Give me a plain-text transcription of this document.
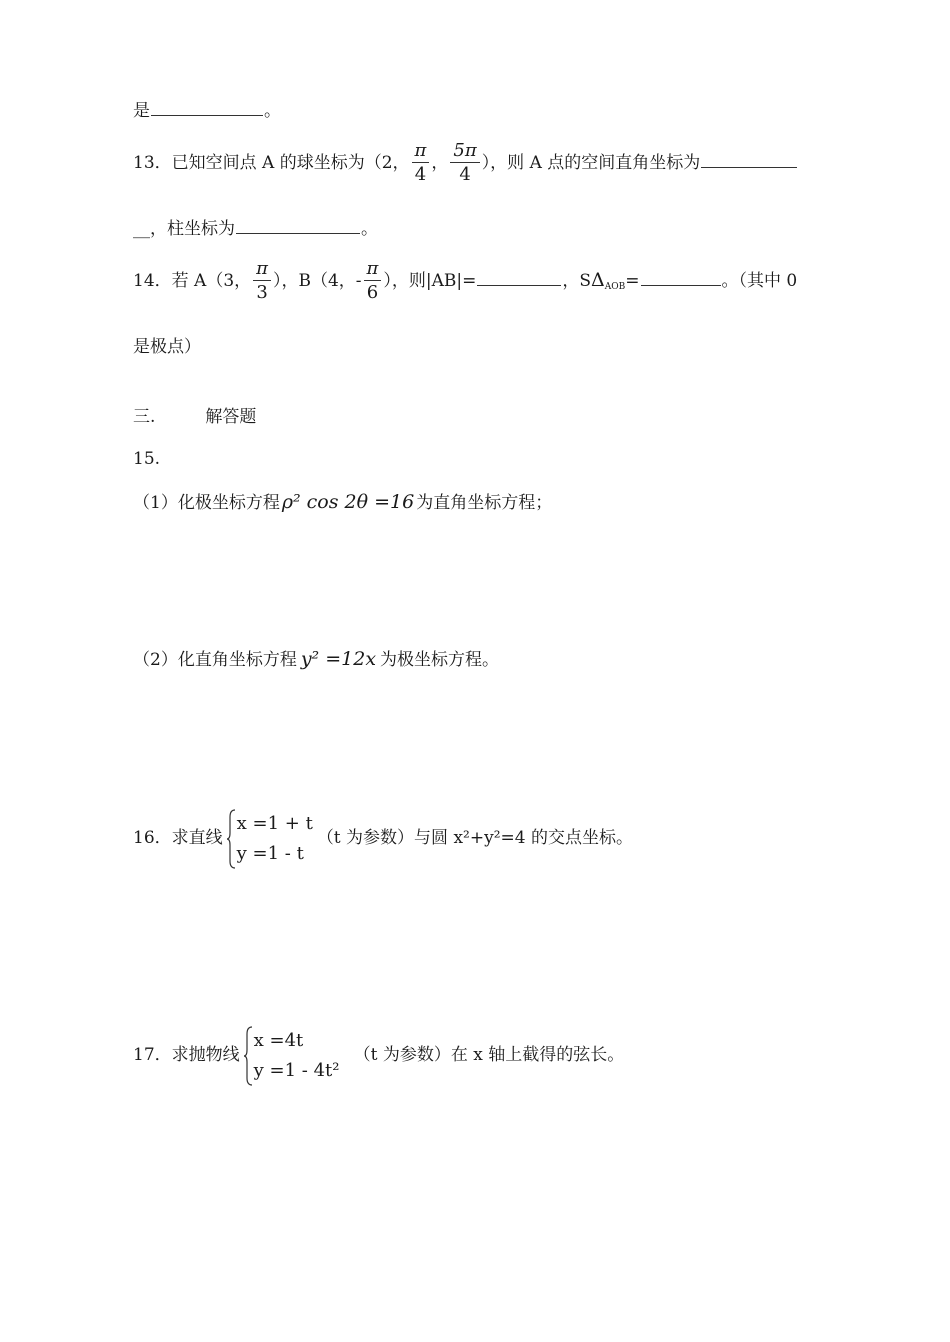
是	。
13．已知空间点 A 的球坐标为（2， $\frac{\pi}{4}$ ， $\frac{5\pi}{4}$ ），则 A 点的空间直角坐标为
__，柱坐标为	。
14．若 A（3， $\frac{\pi}{3}$ ），B（4，- $\frac{\pi}{6}$ ），则|AB|=	，$S\Delta_{AOB}=$	。（其中 0
是极点）
三.	解答题
15.
（1）化极坐标方程 ρ² cos 2θ =16 为直角坐标方程；
（2）化直角坐标方程 y² =12x 为极坐标方程。
16．求直线
x =1 + t
y =1 - t
（t 为参数）与圆 x²+y²=4 的交点坐标。
17．求抛物线
x =4t
y =1 - 4t²
（t 为参数）在 x 轴上截得的弦长。
